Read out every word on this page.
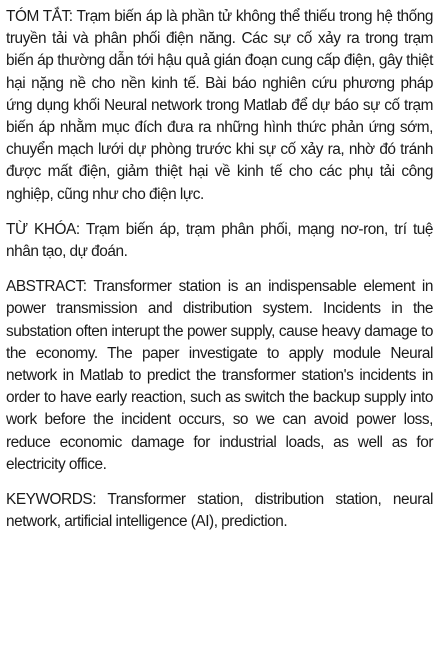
TÓM TẮT: Trạm biến áp là phần tử không thể thiếu trong hệ thống truyền tải và phân phối điện năng. Các sự cố xảy ra trong trạm biến áp thường dẫn tới hậu quả gián đoạn cung cấp điện, gây thiệt hại nặng nề cho nền kinh tế. Bài báo nghiên cứu phương pháp ứng dụng khối Neural network trong Matlab để dự báo sự cố trạm biến áp nhằm mục đích đưa ra những hình thức phản ứng sớm, chuyển mạch lưới dự phòng trước khi sự cố xảy ra, nhờ đó tránh được mất điện, giảm thiệt hại về kinh tế cho các phụ tải công nghiệp, cũng như cho điện lực.

TỪ KHÓA: Trạm biến áp, trạm phân phối, mạng nơ-ron, trí tuệ nhân tạo, dự đoán.

ABSTRACT: Transformer station is an indispensable element in power transmission and distribution system. Incidents in the substation often interupt the power supply, cause heavy damage to the economy. The paper investigate to apply module Neural network in Matlab to predict the transformer station's incidents in order to have early reaction, such as switch the backup supply into work before the incident occurs, so we can avoid power loss, reduce economic damage for industrial loads, as well as for electricity office.

KEYWORDS: Transformer station, distribution station, neural network, artificial intelligence (AI), prediction.
